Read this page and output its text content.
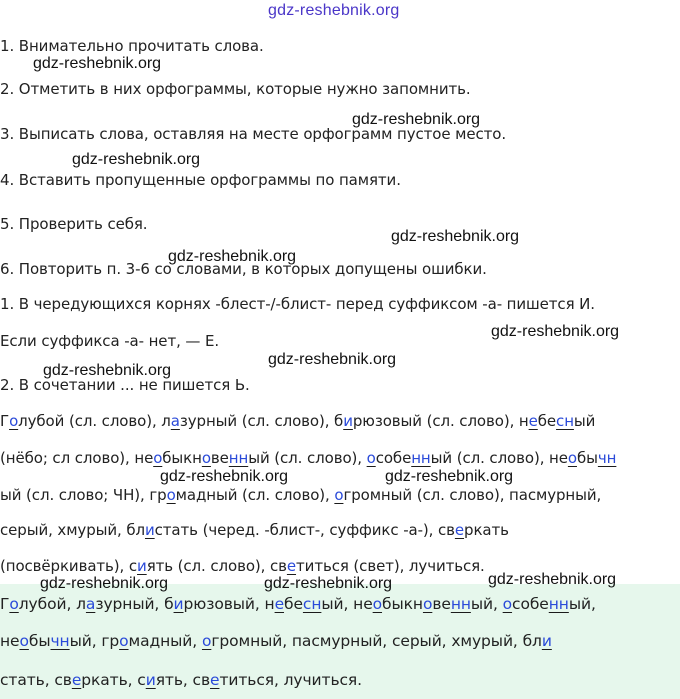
1. Внимательно прочитать слова.
2. Отметить в них орфограммы, которые нужно запомнить.
3. Выписать слова, оставляя на месте орфограмм пустое место.
4. Вставить пропущенные орфограммы по памяти.
5. Проверить себя.
6. Повторить п. 3-6 со словами, в которых допущены ошибки.
1. В чередующихся корнях -блест-/-блист- перед суффиксом -а- пишется И.
Если суффикса -а- нет, — Е.
2. В сочетании ... не пишется Ь.
Голубой (сл. слово), лазурный (сл. слово), бирюзовый (сл. слово), небесный
(нёбо; сл слово), необыкновенный (сл. слово), особенный (сл. слово), необычн
ый (сл. слово; ЧН), громадный (сл. слово), огромный (сл. слово), пасмурный,
серый, хмурый, блистать (черед. -блист-, суффикс -а-), сверкать
(посвёркивать), сиять (сл. слово), светиться (свет), лучиться.
Голубой, лазурный, бирюзовый, небесный, необыкновенный, особенный,
необычный, громадный, огромный, пасмурный, серый, хмурый, бли
стать, сверкать, сиять, светиться, лучиться.
gdz-reshebnik.org
gdz-reshebnik.org
gdz-reshebnik.org
gdz-reshebnik.org
gdz-reshebnik.org
gdz-reshebnik.org
gdz-reshebnik.org
gdz-reshebnik.org
gdz-reshebnik.org
gdz-reshebnik.org	gdz-reshebnik.org
gdz-reshebnik.org	gdz-reshebnik.org	gdz-reshebnik.org
